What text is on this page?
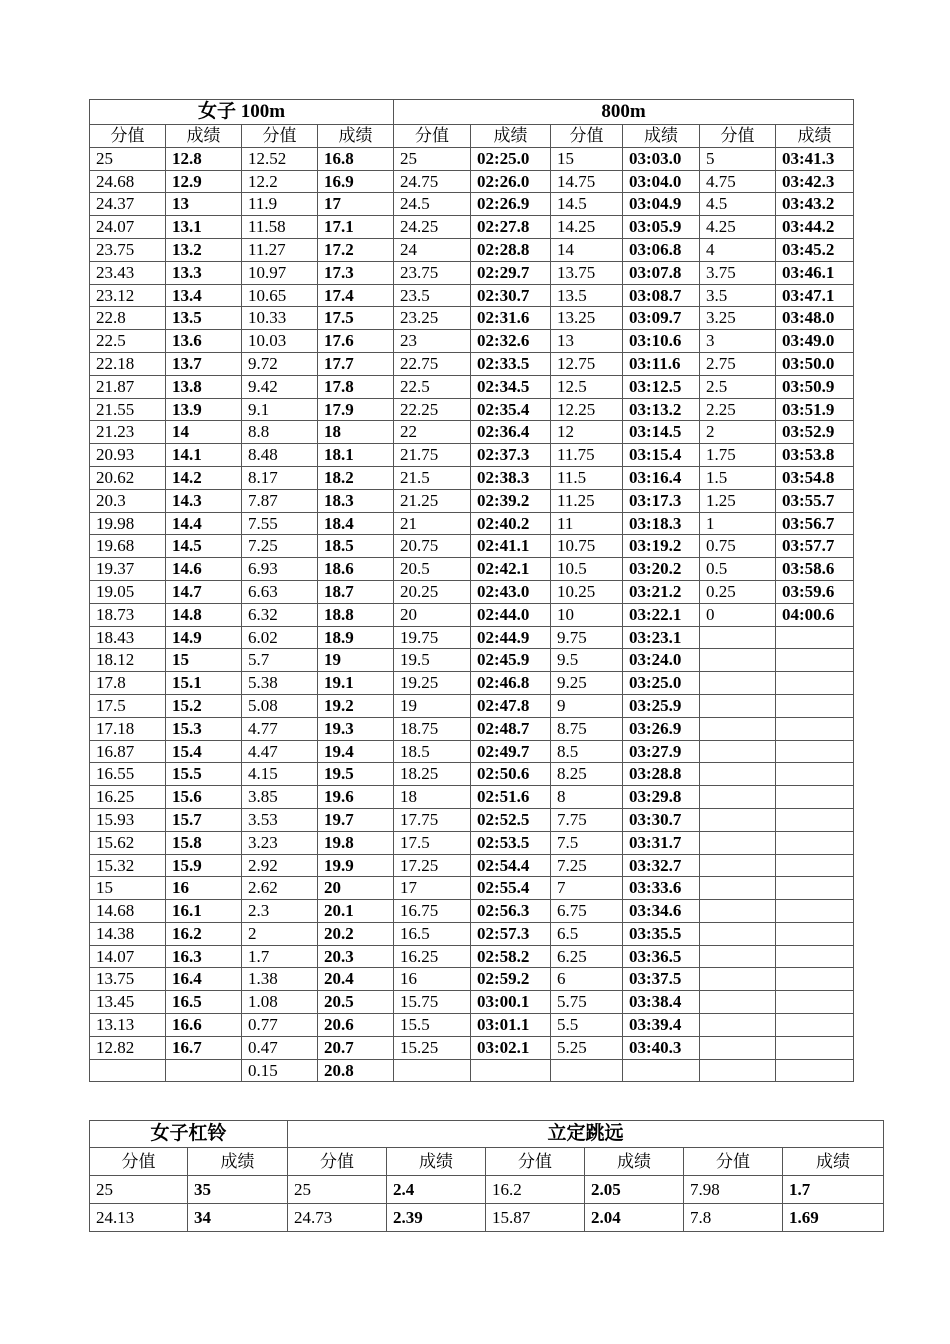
女子 100m				800m					
分值	成绩	分值	成绩	分值	成绩	分值	成绩	分值	成绩
25	12.8	12.52	16.8	25	02:25.0	15	03:03.0	5	03:41.3
24.68	12.9	12.2	16.9	24.75	02:26.0	14.75	03:04.0	4.75	03:42.3
24.37	13	11.9	17	24.5	02:26.9	14.5	03:04.9	4.5	03:43.2
24.07	13.1	11.58	17.1	24.25	02:27.8	14.25	03:05.9	4.25	03:44.2
23.75	13.2	11.27	17.2	24	02:28.8	14	03:06.8	4	03:45.2
23.43	13.3	10.97	17.3	23.75	02:29.7	13.75	03:07.8	3.75	03:46.1
23.12	13.4	10.65	17.4	23.5	02:30.7	13.5	03:08.7	3.5	03:47.1
22.8	13.5	10.33	17.5	23.25	02:31.6	13.25	03:09.7	3.25	03:48.0
22.5	13.6	10.03	17.6	23	02:32.6	13	03:10.6	3	03:49.0
22.18	13.7	9.72	17.7	22.75	02:33.5	12.75	03:11.6	2.75	03:50.0
21.87	13.8	9.42	17.8	22.5	02:34.5	12.5	03:12.5	2.5	03:50.9
21.55	13.9	9.1	17.9	22.25	02:35.4	12.25	03:13.2	2.25	03:51.9
21.23	14	8.8	18	22	02:36.4	12	03:14.5	2	03:52.9
20.93	14.1	8.48	18.1	21.75	02:37.3	11.75	03:15.4	1.75	03:53.8
20.62	14.2	8.17	18.2	21.5	02:38.3	11.5	03:16.4	1.5	03:54.8
20.3	14.3	7.87	18.3	21.25	02:39.2	11.25	03:17.3	1.25	03:55.7
19.98	14.4	7.55	18.4	21	02:40.2	11	03:18.3	1	03:56.7
19.68	14.5	7.25	18.5	20.75	02:41.1	10.75	03:19.2	0.75	03:57.7
19.37	14.6	6.93	18.6	20.5	02:42.1	10.5	03:20.2	0.5	03:58.6
19.05	14.7	6.63	18.7	20.25	02:43.0	10.25	03:21.2	0.25	03:59.6
18.73	14.8	6.32	18.8	20	02:44.0	10	03:22.1	0	04:00.6
18.43	14.9	6.02	18.9	19.75	02:44.9	9.75	03:23.1		
18.12	15	5.7	19	19.5	02:45.9	9.5	03:24.0		
17.8	15.1	5.38	19.1	19.25	02:46.8	9.25	03:25.0		
17.5	15.2	5.08	19.2	19	02:47.8	9	03:25.9		
17.18	15.3	4.77	19.3	18.75	02:48.7	8.75	03:26.9		
16.87	15.4	4.47	19.4	18.5	02:49.7	8.5	03:27.9		
16.55	15.5	4.15	19.5	18.25	02:50.6	8.25	03:28.8		
16.25	15.6	3.85	19.6	18	02:51.6	8	03:29.8		
15.93	15.7	3.53	19.7	17.75	02:52.5	7.75	03:30.7		
15.62	15.8	3.23	19.8	17.5	02:53.5	7.5	03:31.7		
15.32	15.9	2.92	19.9	17.25	02:54.4	7.25	03:32.7		
15	16	2.62	20	17	02:55.4	7	03:33.6		
14.68	16.1	2.3	20.1	16.75	02:56.3	6.75	03:34.6		
14.38	16.2	2	20.2	16.5	02:57.3	6.5	03:35.5		
14.07	16.3	1.7	20.3	16.25	02:58.2	6.25	03:36.5		
13.75	16.4	1.38	20.4	16	02:59.2	6	03:37.5		
13.45	16.5	1.08	20.5	15.75	03:00.1	5.75	03:38.4		
13.13	16.6	0.77	20.6	15.5	03:01.1	5.5	03:39.4		
12.82	16.7	0.47	20.7	15.25	03:02.1	5.25	03:40.3		
		0.15	20.8						
女子杠铃		立定跳远					
分值	成绩	分值	成绩	分值	成绩	分值	成绩
25	35	25	2.4	16.2	2.05	7.98	1.7
24.13	34	24.73	2.39	15.87	2.04	7.8	1.69
